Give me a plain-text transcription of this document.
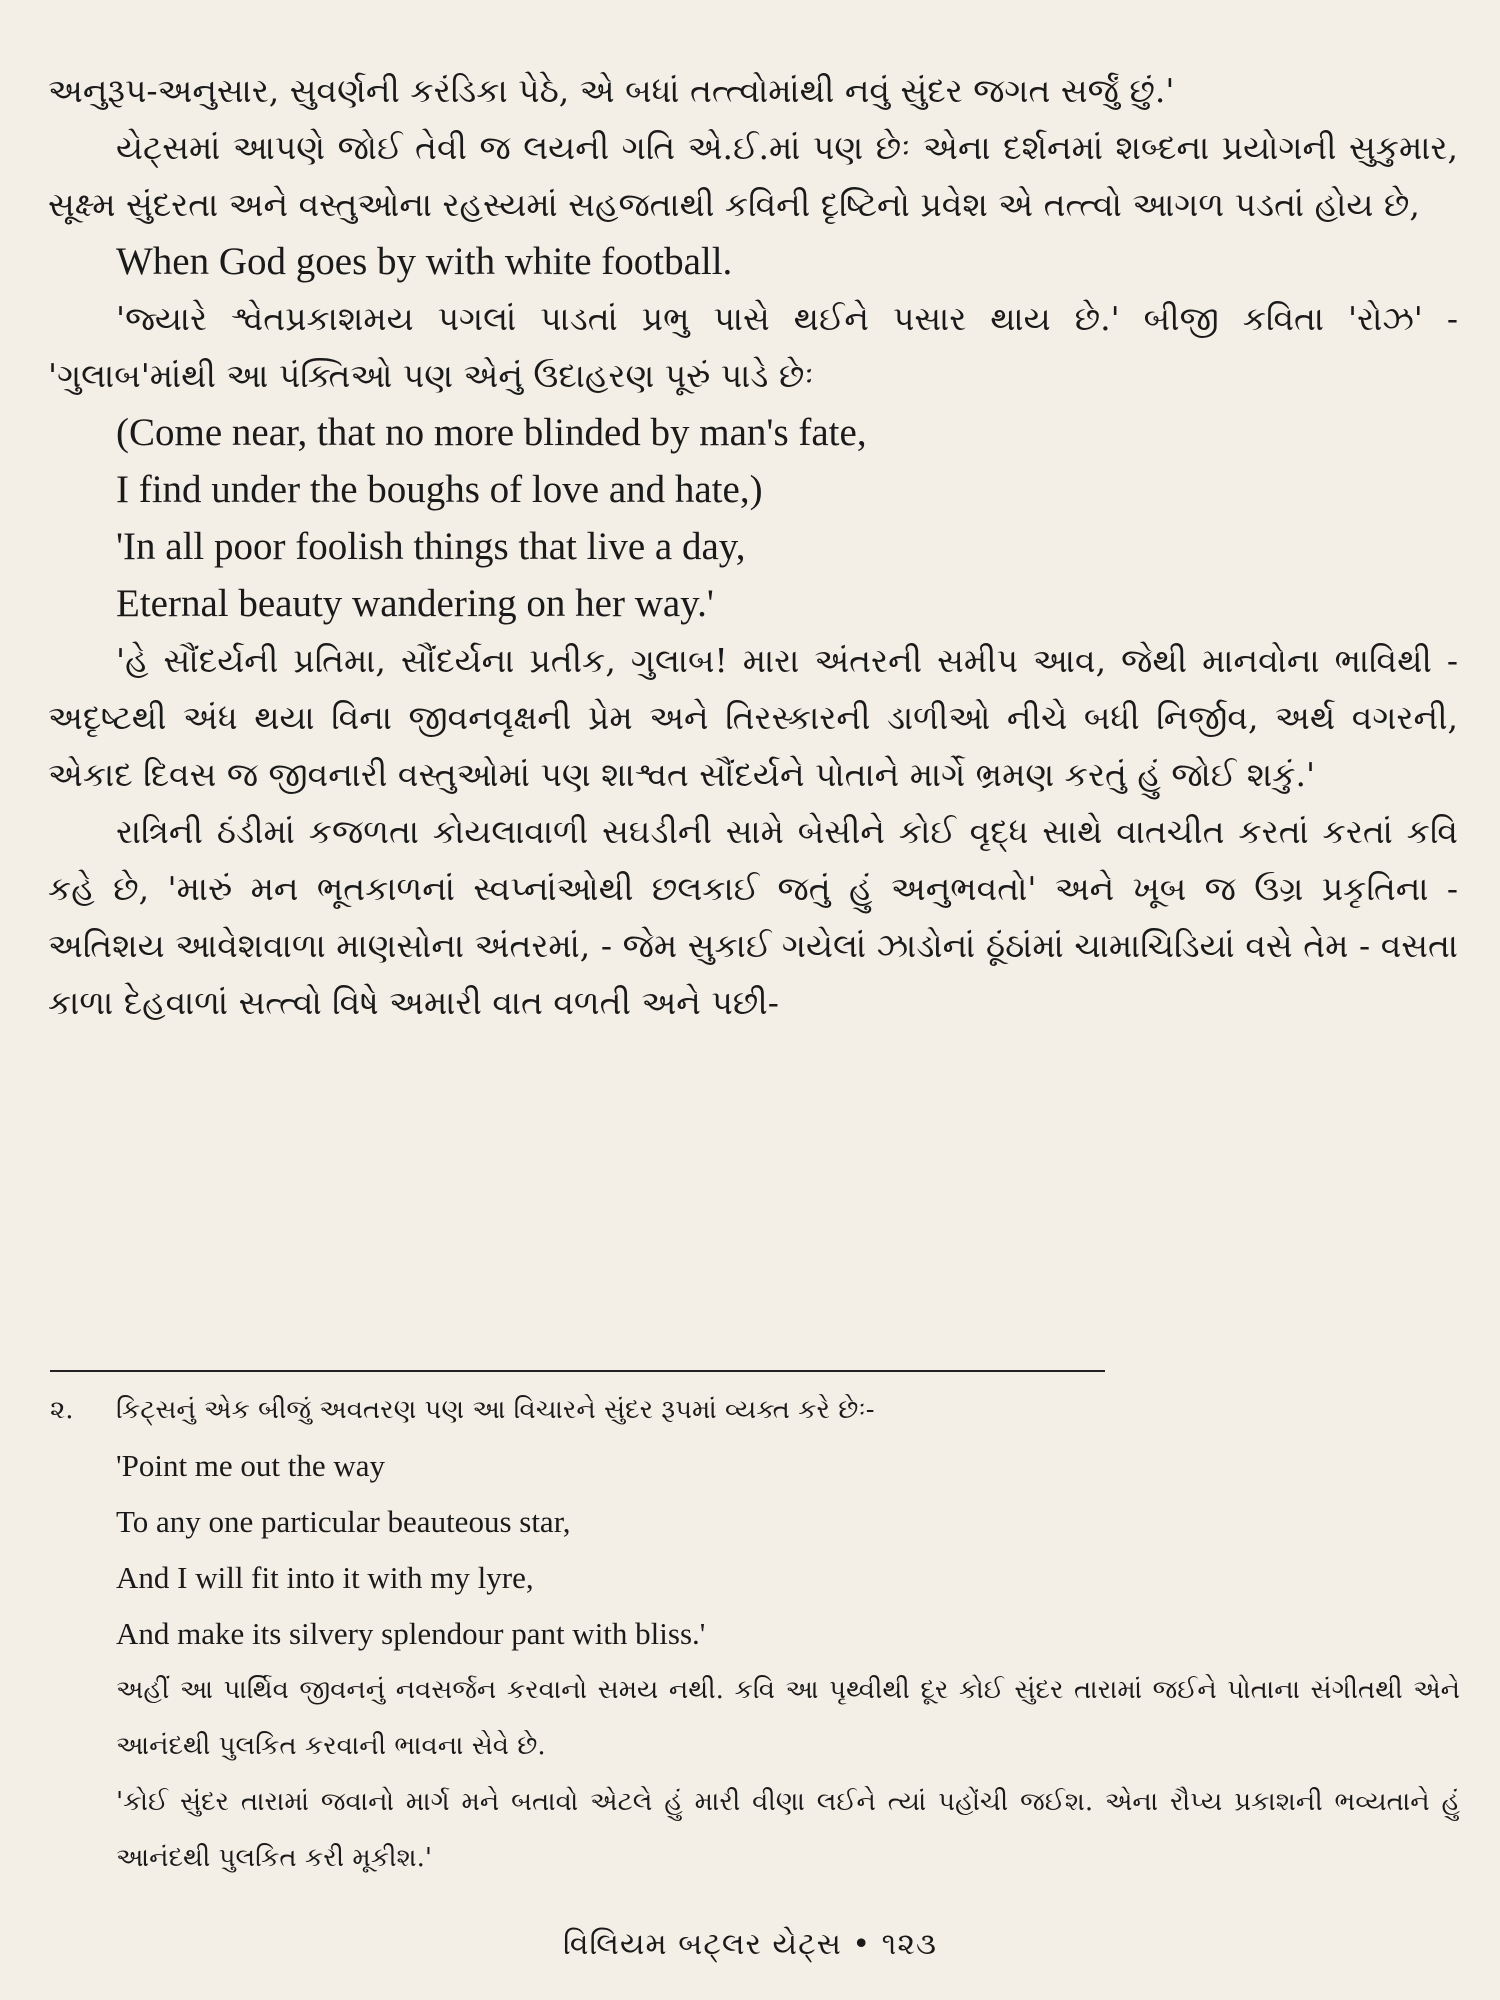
અનુરૂપ-અનુસાર, સુવર્ણની કરંડિકા પેઠે, એ બધાં તત્ત્વોમાંથી નવું સુંદર જગત સર્જું છું.'

યેટ્સમાં આપણે જોઈ તેવી જ લયની ગતિ એ.ઈ.માં પણ છેઃ એના દર્શનમાં શબ્દના પ્રયોગની સુકુમાર, સૂક્ષ્મ સુંદરતા અને વસ્તુઓના રહસ્યમાં સહજતાથી કવિની દૃષ્ટિનો પ્રવેશ એ તત્ત્વો આગળ પડતાં હોય છે,

When God goes by with white football.

'જ્યારે શ્વેતપ્રકાશમય પગલાં પાડતાં પ્રભુ પાસે થઈને પસાર થાય છે.' બીજી કવિતા 'રોઝ' - 'ગુલાબ'માંથી આ પંક્તિઓ પણ એનું ઉદાહરણ પૂરું પાડે છેઃ

(Come near, that no more blinded by man's fate,

I find under the boughs of love and hate,)

'In all poor foolish things that live a day,

Eternal beauty wandering on her way.'

'હે સૌંદર્યની પ્રતિમા, સૌંદર્યના પ્રતીક, ગુલાબ! મારા અંતરની સમીપ આવ, જેથી માનવોના ભાવિથી - અદૃષ્ટથી અંધ થયા વિના જીવનવૃક્ષની પ્રેમ અને તિરસ્કારની ડાળીઓ નીચે બધી નિર્જીવ, અર્થ વગરની, એકાદ દિવસ જ જીવનારી વસ્તુઓમાં પણ શાશ્વત સૌંદર્યને પોતાને માર્ગે ભ્રમણ કરતું હું જોઈ શકું.'

રાત્રિની ઠંડીમાં કજળતા કોયલાવાળી સઘડીની સામે બેસીને કોઈ વૃદ્ધ સાથે વાતચીત કરતાં કરતાં કવિ કહે છે, 'મારું મન ભૂતકાળનાં સ્વપ્નાંઓથી છલકાઈ જતું હું અનુભવતો' અને ખૂબ જ ઉગ્ર પ્રકૃતિના - અતિશય આવેશવાળા માણસોના અંતરમાં, - જેમ સુકાઈ ગયેલાં ઝાડોનાં ઠૂંઠાંમાં ચામાચિડિયાં વસે તેમ - વસતા કાળા દેહવાળાં સત્ત્વો વિષે અમારી વાત વળતી અને પછી-

૨. કિટ્સનું એક બીજું અવતરણ પણ આ વિચારને સુંદર રૂપમાં વ્યક્ત કરે છેઃ-

'Point me out the way

To any one particular beauteous star,

And I will fit into it with my lyre,

And make its silvery splendour pant with bliss.'

અહીં આ પાર્થિવ જીવનનું નવસર્જન કરવાનો સમય નથી. કવિ આ પૃથ્વીથી દૂર કોઈ સુંદર તારામાં જઈને પોતાના સંગીતથી એને આનંદથી પુલકિત કરવાની ભાવના સેવે છે.

'કોઈ સુંદર તારામાં જવાનો માર્ગ મને બતાવો એટલે હું મારી વીણા લઈને ત્યાં પહોંચી જઈશ. એના રૌપ્ય પ્રકાશની ભવ્યતાને હું આનંદથી પુલકિત કરી મૂકીશ.'

વિલિયમ બટ્લર યેટ્સ • ૧૨૩
